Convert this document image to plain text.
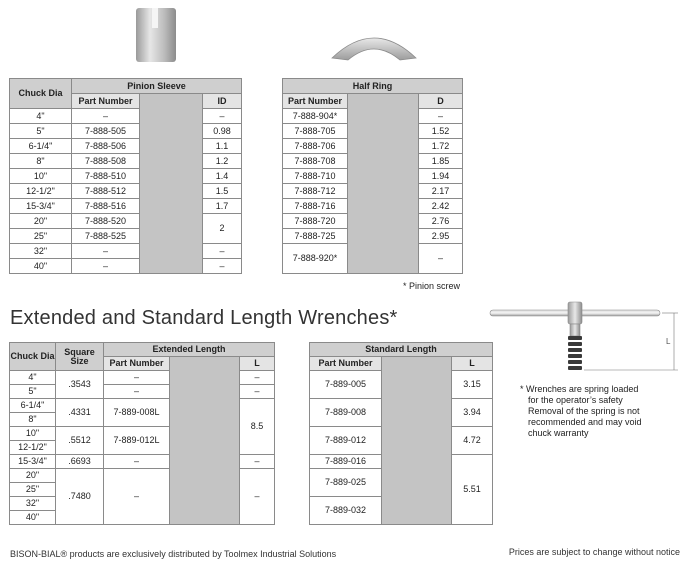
Chuck Dia	Pinion Sleeve		
	Part Number		ID
4"	–		–
5"	7-888-505		0.98
6-1/4"	7-888-506		1.1
8"	7-888-508		1.2
10"	7-888-510		1.4
12-1/2"	7-888-512		1.5
15-3/4"	7-888-516		1.7
20"	7-888-520		2
25"	7-888-525		
32"	–		–
40"	–		–
Half Ring		
Part Number		D
7-888-904*		–
7-888-705		1.52
7-888-706		1.72
7-888-708		1.85
7-888-710		1.94
7-888-712		2.17
7-888-716		2.42
7-888-720		2.76
7-888-725		2.95
7-888-920*		–
* Pinion screw
Extended and Standard Length Wrenches*
L
Chuck Dia	Square Size	Extended Length		
		Part Number		L
4"	.3543	–		–
5"		–		–
6-1/4"	.4331	7-889-008L		8.5
8"				
10"	.5512	7-889-012L		
12-1/2"				
15-3/4"	.6693	–		–
20"	.7480	–		–
25"				
32"				
40"				
Standard Length		
Part Number		L
7-889-005		3.15

7-889-008		3.94

7-889-012		4.72

7-889-016		5.51
7-889-025		

7-889-032		

* Wrenches are spring loaded
for the operator’s safety
Removal of the spring is not
recommended and may void
chuck warranty
BISON-BIAL® products are exclusively distributed by Toolmex Industrial Solutions	Prices are subject to change without notice
